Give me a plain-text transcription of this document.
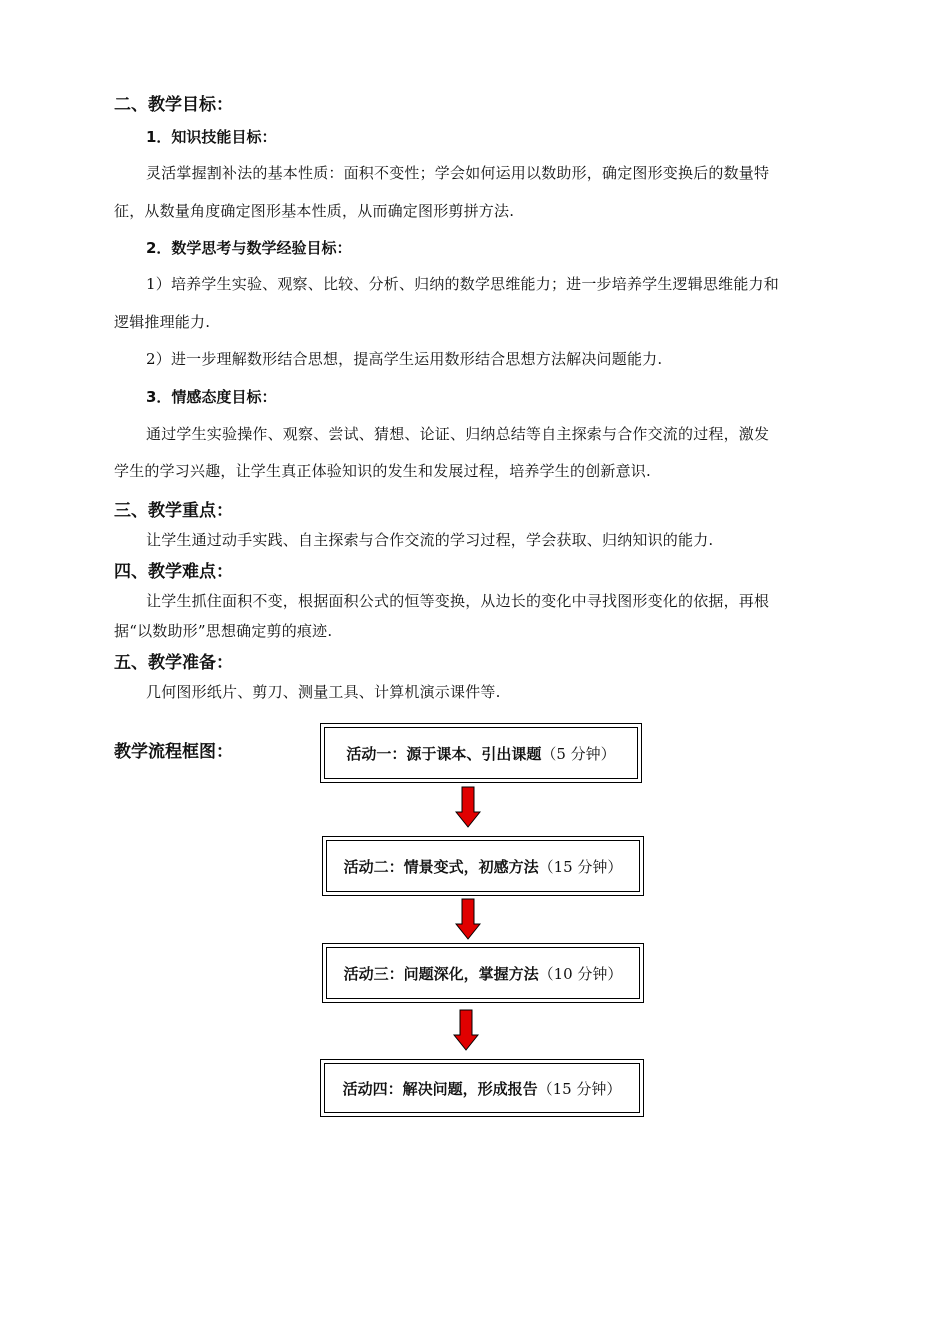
二、教学目标：
1．知识技能目标：
灵活掌握割补法的基本性质：面积不变性；学会如何运用以数助形，确定图形变换后的数量特
征，从数量角度确定图形基本性质，从而确定图形剪拼方法.
2．数学思考与数学经验目标：
1）培养学生实验、观察、比较、分析、归纳的数学思维能力；进一步培养学生逻辑思维能力和
逻辑推理能力.
2）进一步理解数形结合思想，提高学生运用数形结合思想方法解决问题能力.
3．情感态度目标：
通过学生实验操作、观察、尝试、猜想、论证、归纳总结等自主探索与合作交流的过程，激发
学生的学习兴趣，让学生真正体验知识的发生和发展过程，培养学生的创新意识.
三、教学重点：
让学生通过动手实践、自主探索与合作交流的学习过程，学会获取、归纳知识的能力.
四、教学难点：
让学生抓住面积不变，根据面积公式的恒等变换，从边长的变化中寻找图形变化的依据，再根
据“以数助形”思想确定剪的痕迹.
五、教学准备：
几何图形纸片、剪刀、测量工具、计算机演示课件等.
教学流程框图：	活动一：源于课本、引出课题 （5 分钟）
活动二：情景变式，初感方法 （15 分钟）
活动三：问题深化，掌握方法 （10 分钟）
活动四：解决问题，形成报告 （15 分钟）
